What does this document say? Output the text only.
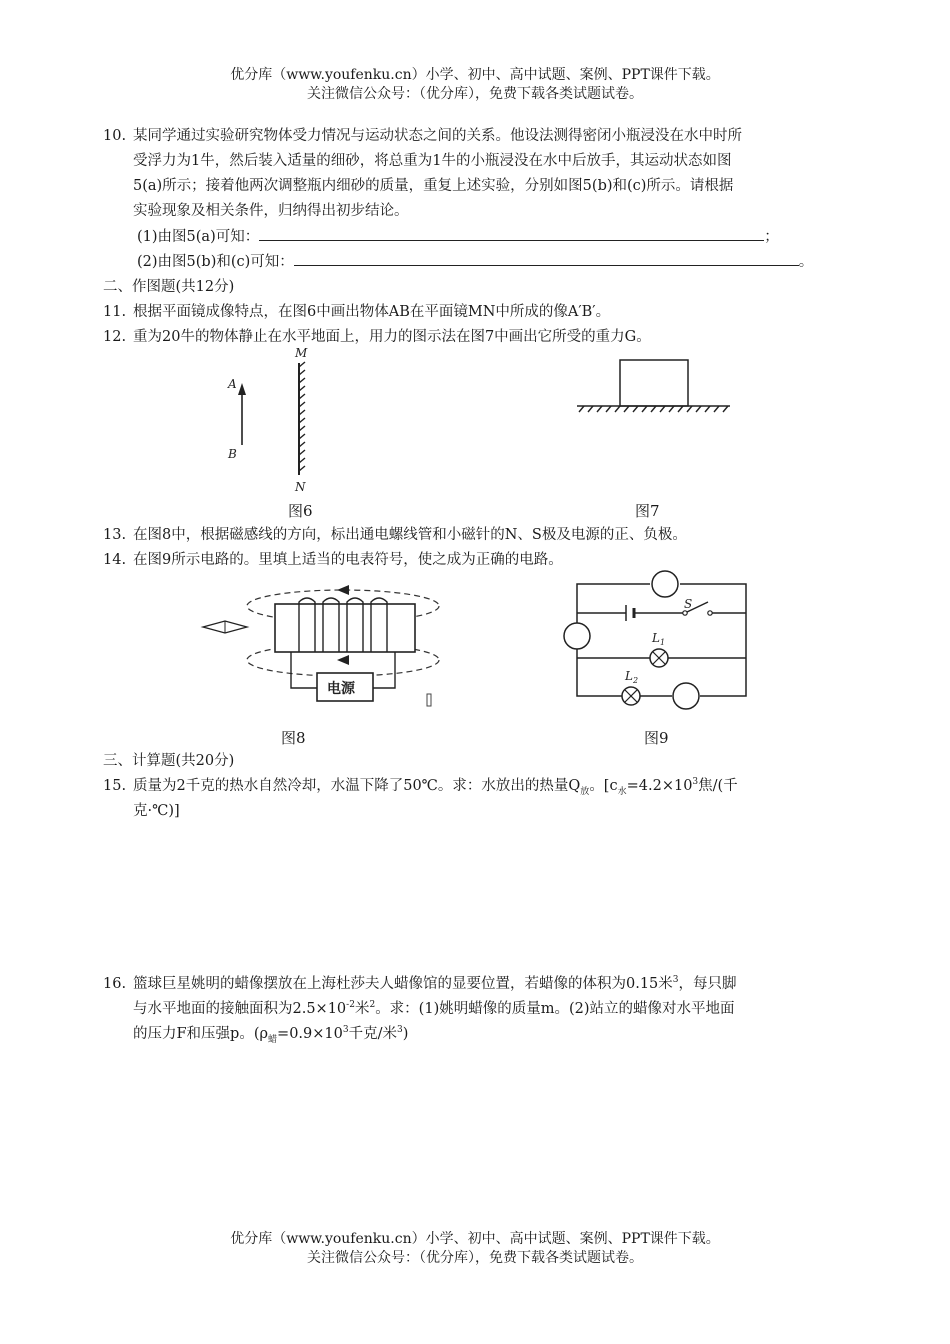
优分库（www.youfenku.cn）小学、初中、高中试题、案例、PPT课件下载。
关注微信公众号：（优分库），免费下载各类试题试卷。
10. 某同学通过实验研究物体受力情况与运动状态之间的关系。他设法测得密闭小瓶浸没在水中时所
受浮力为1牛，然后装入适量的细砂，将总重为1牛的小瓶浸没在水中后放手，其运动状态如图
5(a)所示；接着他两次调整瓶内细砂的质量，重复上述实验，分别如图5(b)和(c)所示。请根据
实验现象及相关条件，归纳得出初步结论。
(1)由图5(a)可知：	；
(2)由图5(b)和(c)可知：	。
二、作图题(共12分)
11. 根据平面镜成像特点，在图6中画出物体AB在平面镜MN中所成的像A′B′。
12. 重为20牛的物体静止在水平地面上，用力的图示法在图7中画出它所受的重力G。
M
N
A
B
图6	图7
13. 在图8中，根据磁感线的方向，标出通电螺线管和小磁针的N、S极及电源的正、负极。
14. 在图9所示电路的。里填上适当的电表符号，使之成为正确的电路。
电源
图8
S
$L_1$
$L_2$
图9
三、计算题(共20分)
15. 质量为2千克的热水自然冷却，水温下降了50℃。求：水放出的热量$Q_放$。[$c_水=4.2\times 10^3$焦/(千
克·℃)]
16. 篮球巨星姚明的蜡像摆放在上海杜莎夫人蜡像馆的显要位置，若蜡像的体积为0.15米$^3$，每只脚
与水平地面的接触面积为$2.5\times 10^{-2}$米$^2$。求：(1)姚明蜡像的质量m。(2)站立的蜡像对水平地面
的压力F和压强p。($\rho_蜡=0.9\times 10^3$千克/米$^3$)
优分库（www.youfenku.cn）小学、初中、高中试题、案例、PPT课件下载。
关注微信公众号：（优分库），免费下载各类试题试卷。
